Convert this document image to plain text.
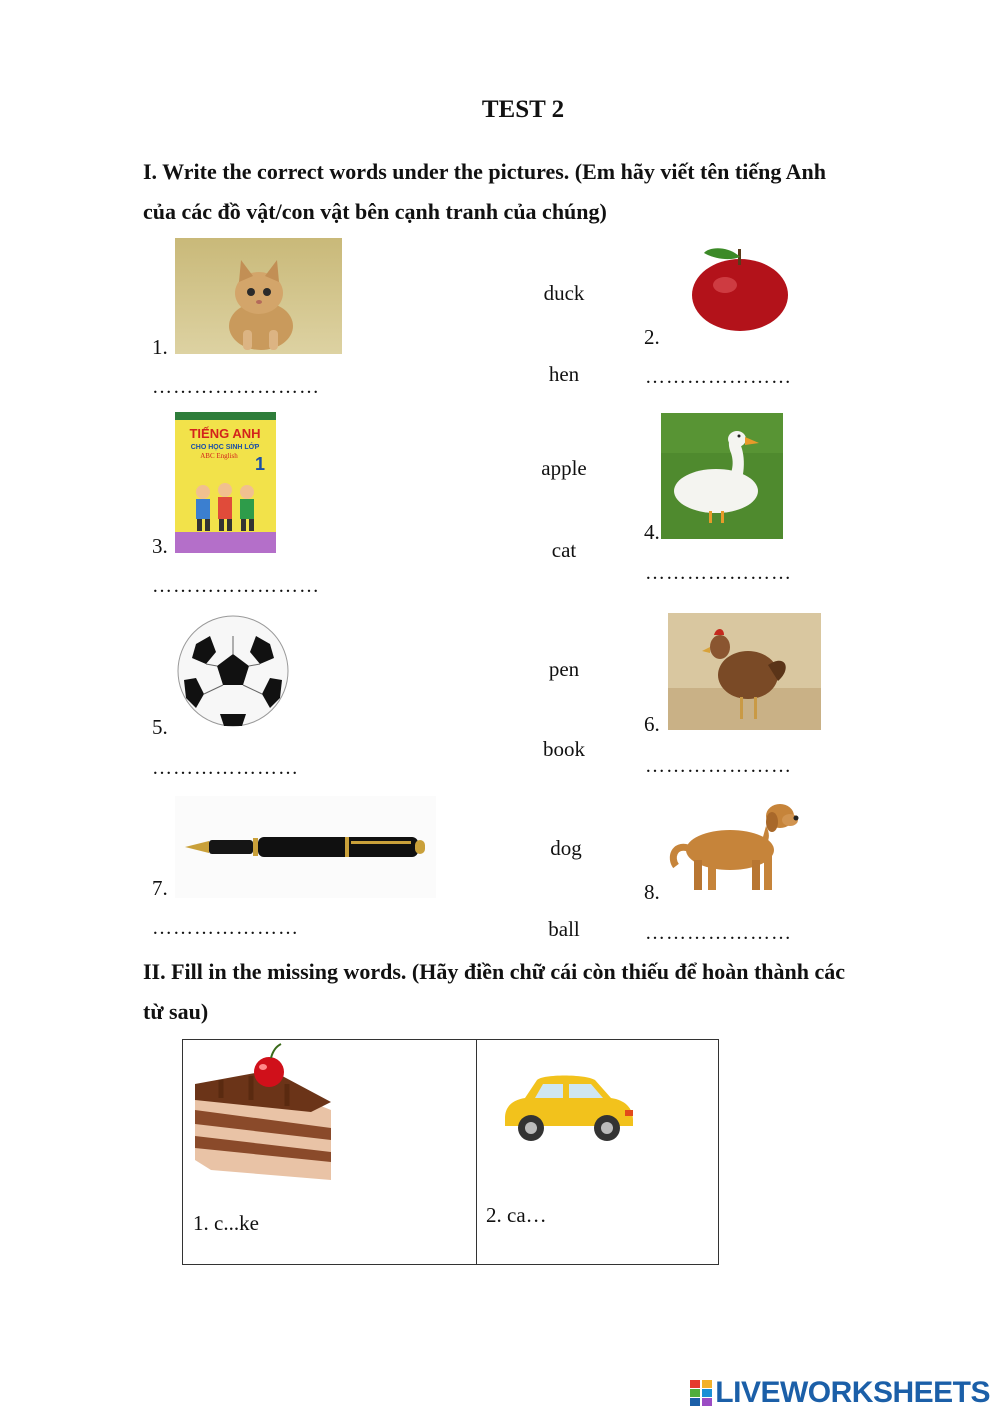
TEST 2
I. Write the correct words under the pictures. (Em hãy viết tên tiếng Anh
của các đồ vật/con vật bên cạnh tranh của chúng)
1.
……………………
2.
…………………
TIẾNG ANH
CHO HỌC SINH LỚP
ABC English 1
3.
……………………
4.
…………………
5.
…………………
6.
…………………
7.
…………………
8.
…………………
duck
hen
apple
cat
pen
book
dog
ball
II. Fill in the missing words. (Hãy điền chữ cái còn thiếu để hoàn thành các
từ sau)
1. c...ke	2. ca…
LIVEWORKSHEETS
